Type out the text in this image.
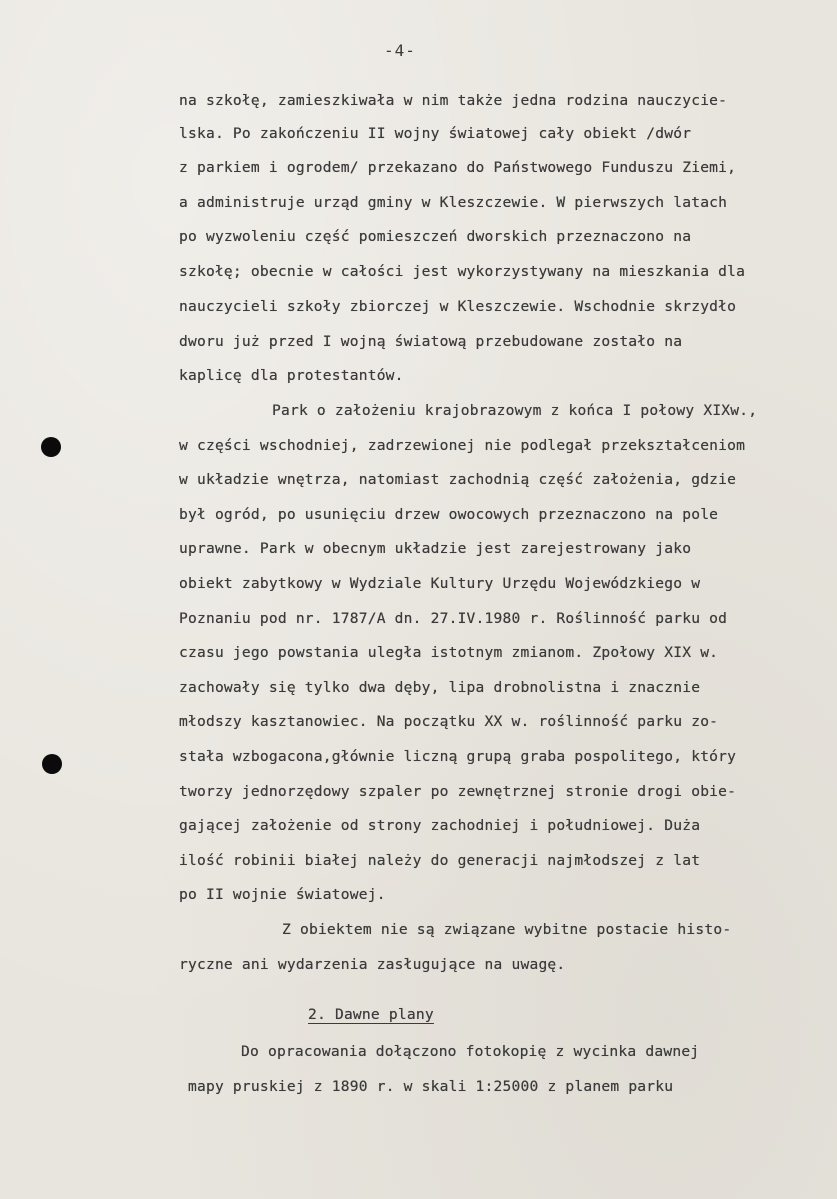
-4-
na szkołę, zamieszkiwała w nim także jedna rodzina nauczycie-
lska. Po zakończeniu II wojny światowej cały obiekt /dwór
z parkiem i ogrodem/ przekazano do Państwowego Funduszu Ziemi,
a administruje urząd gminy w Kleszczewie. W pierwszych latach
po wyzwoleniu część pomieszczeń dworskich przeznaczono na
szkołę; obecnie w całości jest wykorzystywany na mieszkania dla
nauczycieli szkoły zbiorczej w Kleszczewie. Wschodnie skrzydło
dworu już przed I wojną światową przebudowane zostało na
kaplicę dla protestantów.
Park o założeniu krajobrazowym z końca I połowy XIXw.,
w części wschodniej, zadrzewionej nie podlegał przekształceniom
w układzie wnętrza, natomiast zachodnią część założenia, gdzie
był ogród, po usunięciu drzew owocowych przeznaczono na pole
uprawne. Park w obecnym układzie jest zarejestrowany jako
obiekt zabytkowy w Wydziale Kultury Urzędu Wojewódzkiego w
Poznaniu pod nr. 1787/A dn. 27.IV.1980 r. Roślinność parku od
czasu jego powstania uległa istotnym zmianom. Zpołowy XIX w.
zachowały się tylko dwa dęby, lipa drobnolistna i znacznie
młodszy kasztanowiec. Na początku XX w. roślinność parku zo-
stała wzbogacona,głównie liczną grupą graba pospolitego, który
tworzy jednorzędowy szpaler po zewnętrznej stronie drogi obie-
gającej założenie od strony zachodniej i południowej. Duża
ilość robinii białej należy do generacji najmłodszej z lat
po II wojnie światowej.
Z obiektem nie są związane wybitne postacie histo-
ryczne ani wydarzenia zasługujące na uwagę.
2. Dawne plany
Do opracowania dołączono fotokopię z wycinka dawnej
mapy pruskiej z 1890 r. w skali 1:25000 z planem parku
